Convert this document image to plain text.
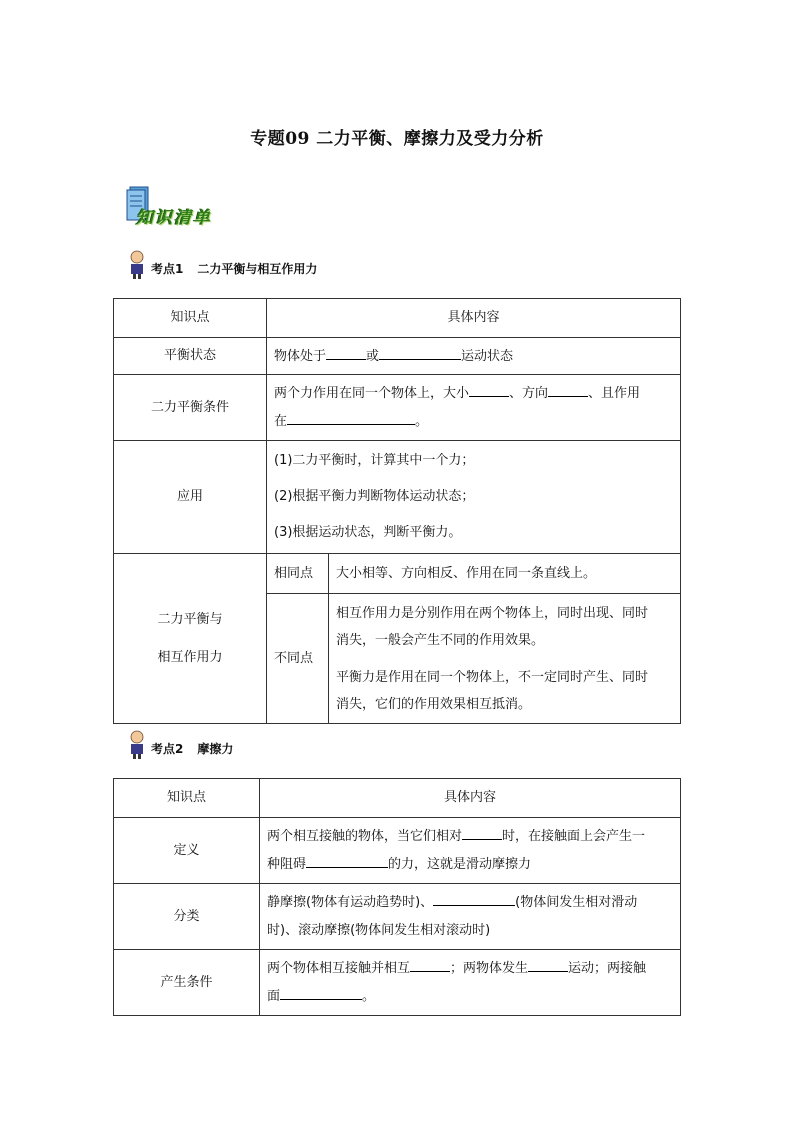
专题09 二力平衡、摩擦力及受力分析
知识清单
考点1 二力平衡与相互作用力
知识点	具体内容	
平衡状态	物体处于 或 运动状态	
二力平衡条件	两个力作用在同一个物体上，大小 、方向 、且作用

在 。	

应用	(1)二力平衡时，计算其中一个力；

(2)根据平衡力判断物体运动状态；

(3)根据运动状态，判断平衡力。	

二力平衡与

相互作用力	相同点	大小相等、方向相反、作用在同一条直线上。
	不同点	相互作用力是分别作用在两个物体上，同时出现、同时

消失，一般会产生不同的作用效果。

平衡力是作用在同一个物体上，不一定同时产生、同时

消失，它们的作用效果相互抵消。

考点2 摩擦力
知识点	具体内容
定义	两个相互接触的物体，当它们相对 时，在接触面上会产生一

种阻碍 的力，这就是滑动摩擦力

分类	静摩擦(物体有运动趋势时)、 (物体间发生相对滑动

时)、滚动摩擦(物体间发生相对滚动时)

产生条件	两个物体相互接触并相互 ；两物体发生 运动；两接触

面 。
